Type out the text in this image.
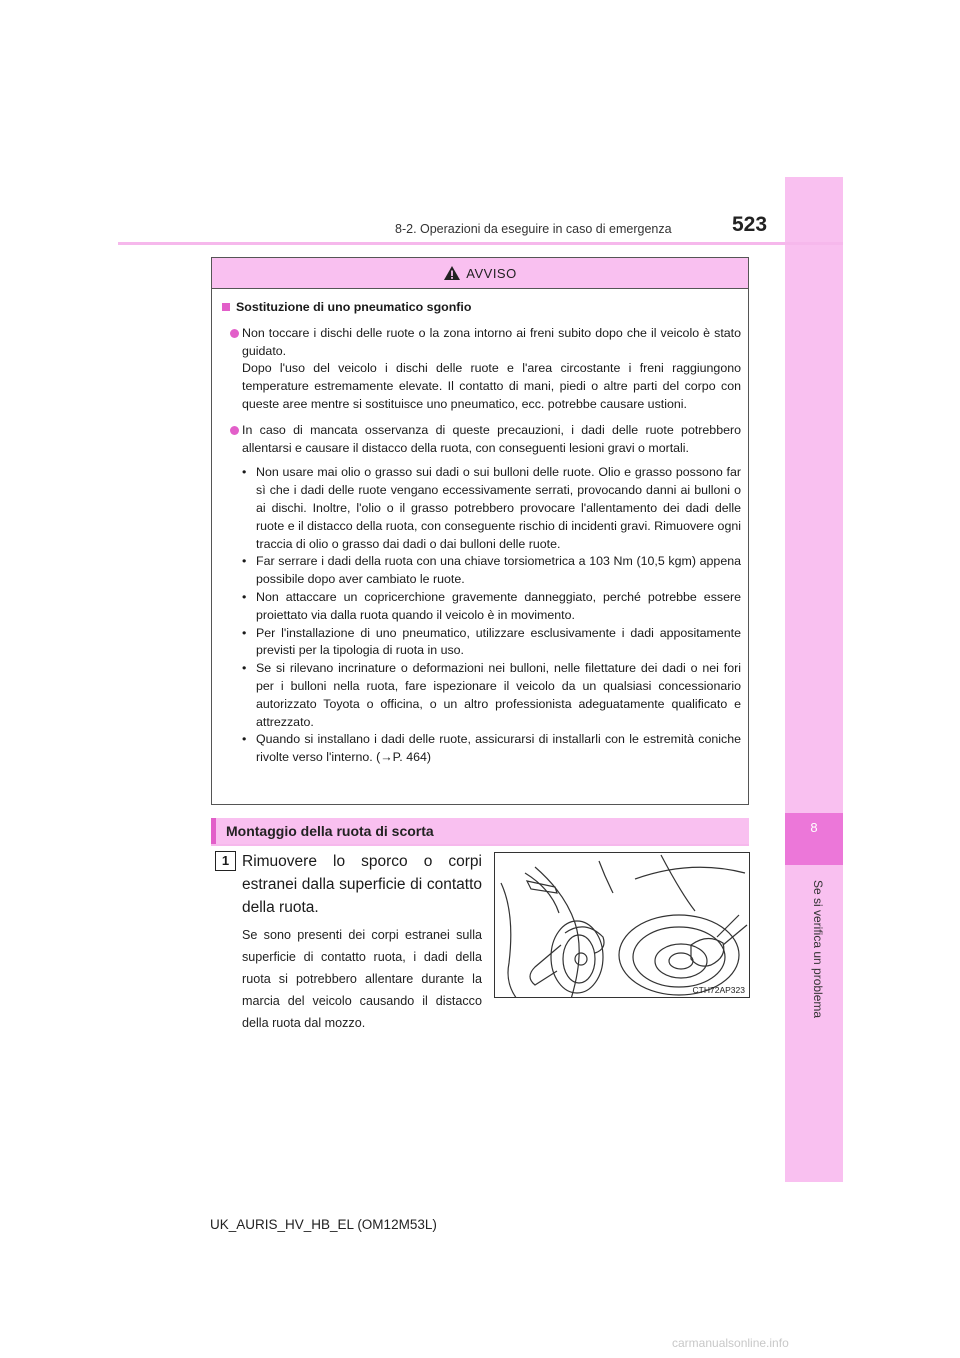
8
Se si verifica un problema
8-2. Operazioni da eseguire in caso di emergenza	523
AVVISO
Sostituzione di uno pneumatico sgonfio
Non toccare i dischi delle ruote o la zona intorno ai freni subito dopo che il veicolo è stato guidato.
Dopo l'uso del veicolo i dischi delle ruote e l'area circostante i freni raggiungono temperature estremamente elevate. Il contatto di mani, piedi o altre parti del corpo con queste aree mentre si sostituisce uno pneumatico, ecc. potrebbe causare ustioni.
In caso di mancata osservanza di queste precauzioni, i dadi delle ruote potrebbero allentarsi e causare il distacco della ruota, con conseguenti lesioni gravi o mortali.
• Non usare mai olio o grasso sui dadi o sui bulloni delle ruote. Olio e grasso possono far sì che i dadi delle ruote vengano eccessivamente serrati, provocando danni ai bulloni o ai dischi. Inoltre, l'olio o il grasso potrebbero provocare l'allentamento dei dadi delle ruote e il distacco della ruota, con conseguente rischio di incidenti gravi. Rimuovere ogni traccia di olio o grasso dai dadi o dai bulloni delle ruote.
• Far serrare i dadi della ruota con una chiave torsiometrica a 103 Nm (10,5 kgm) appena possibile dopo aver cambiato le ruote.
• Non attaccare un copricerchione gravemente danneggiato, perché potrebbe essere proiettato via dalla ruota quando il veicolo è in movimento.
• Per l'installazione di uno pneumatico, utilizzare esclusivamente i dadi appositamente previsti per la tipologia di ruota in uso.
• Se si rilevano incrinature o deformazioni nei bulloni, nelle filettature dei dadi o nei fori per i bulloni nella ruota, fare ispezionare il veicolo da un qualsiasi concessionario autorizzato Toyota o officina, o un altro professionista adeguatamente qualificato e attrezzato.
• Quando si installano i dadi delle ruote, assicurarsi di installarli con le estremità coniche rivolte verso l'interno. (→P. 464)
Montaggio della ruota di scorta
1 Rimuovere lo sporco o corpi estranei dalla superficie di contatto della ruota.
Se sono presenti dei corpi estranei sulla superficie di contatto ruota, i dadi della ruota si potrebbero allentare durante la marcia del veicolo causando il distacco della ruota dal mozzo.
CTH72AP323
UK_AURIS_HV_HB_EL (OM12M53L)
carmanualsonline.info
